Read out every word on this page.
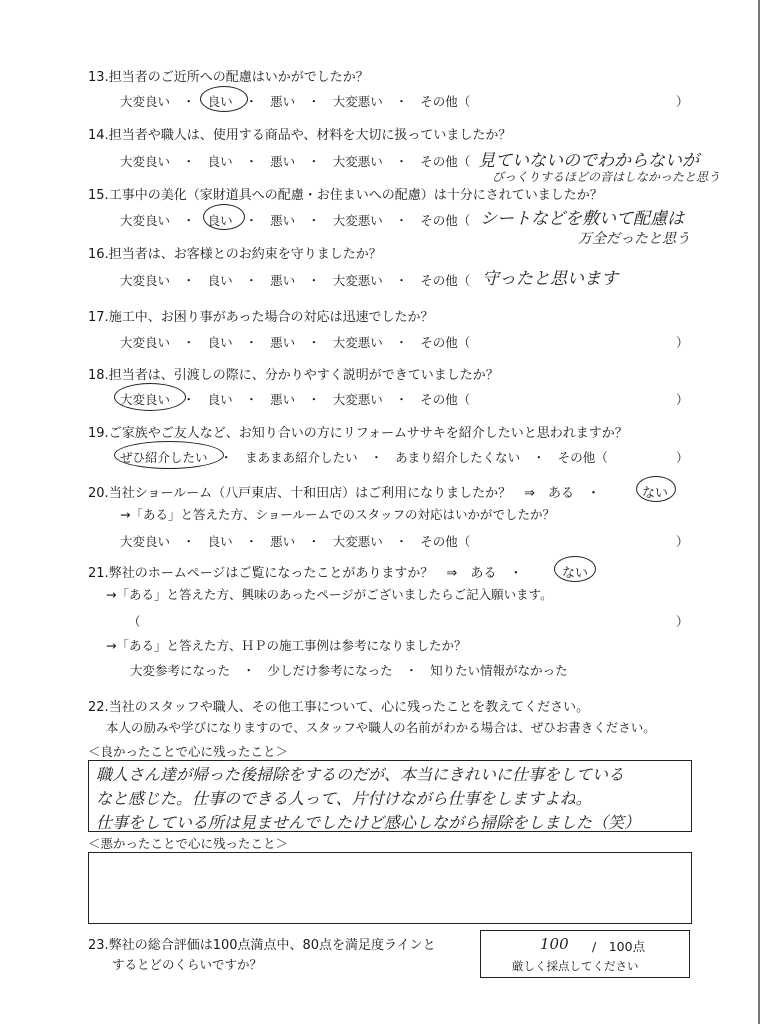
13.担当者のご近所への配慮はいかがでしたか？
大変良い　 ・　 良い　 ・　 悪い　 ・　 大変悪い　 ・　 その他（	）
14.担当者や職人は、使用する商品や、材料を大切に扱っていましたか？
大変良い　 ・　 良い　 ・　 悪い　 ・　 大変悪い　 ・　 その他（ 見ていないのでわからないが
びっくりするほどの音はしなかったと思う
15.工事中の美化（家財道具への配慮・お住まいへの配慮）は十分にされていましたか？
大変良い　 ・　 良い　 ・　 悪い　 ・　 大変悪い　 ・　 その他（ シートなどを敷いて配慮は
万全だったと思う
16.担当者は、お客様とのお約束を守りましたか？
大変良い　 ・　 良い　 ・　 悪い　 ・　 大変悪い　 ・　 その他（ 守ったと思います
17.施工中、お困り事があった場合の対応は迅速でしたか？
大変良い　 ・　 良い　 ・　 悪い　 ・　 大変悪い　 ・　 その他（	）
18.担当者は、引渡しの際に、分かりやすく説明ができていましたか？
大変良い　 ・　 良い　 ・　 悪い　 ・　 大変悪い　 ・　 その他（	）
19.ご家族やご友人など、お知り合いの方にリフォームササキを紹介したいと思われますか？
ぜひ紹介したい　 ・　 まあまあ紹介したい　 ・　 あまり紹介したくない　 ・　 その他（	）
20.当社ショールーム（八戸東店、十和田店）はご利用になりましたか？　⇒　ある　・	ない
→「ある」と答えた方、ショールームでのスタッフの対応はいかがでしたか？
大変良い　 ・　 良い　 ・　 悪い　 ・　 大変悪い　 ・　 その他（	）
21.弊社のホームページはご覧になったことがありますか？　⇒　ある　・	ない
→「ある」と答えた方、興味のあったページがございましたらご記入願います。
（	）
→「ある」と答えた方、ＨＰの施工事例は参考になりましたか？
大変参考になった　 ・　 少しだけ参考になった　 ・　 知りたい情報がなかった
22.当社のスタッフや職人、その他工事について、心に残ったことを教えてください。
本人の励みや学びになりますので、スタッフや職人の名前がわかる場合は、ぜひお書きください。
＜良かったことで心に残ったこと＞
職人さん達が帰った後掃除をするのだが、本当にきれいに仕事をしている
なと感じた。仕事のできる人って、片付けながら仕事をしますよね。
仕事をしている所は見ませんでしたけど感心しながら掃除をしました（笑）
＜悪かったことで心に残ったこと＞
23.弊社の総合評価は100点満点中、80点を満足度ラインと
するとどのくらいですか？
100 /　100点
厳しく採点してください
